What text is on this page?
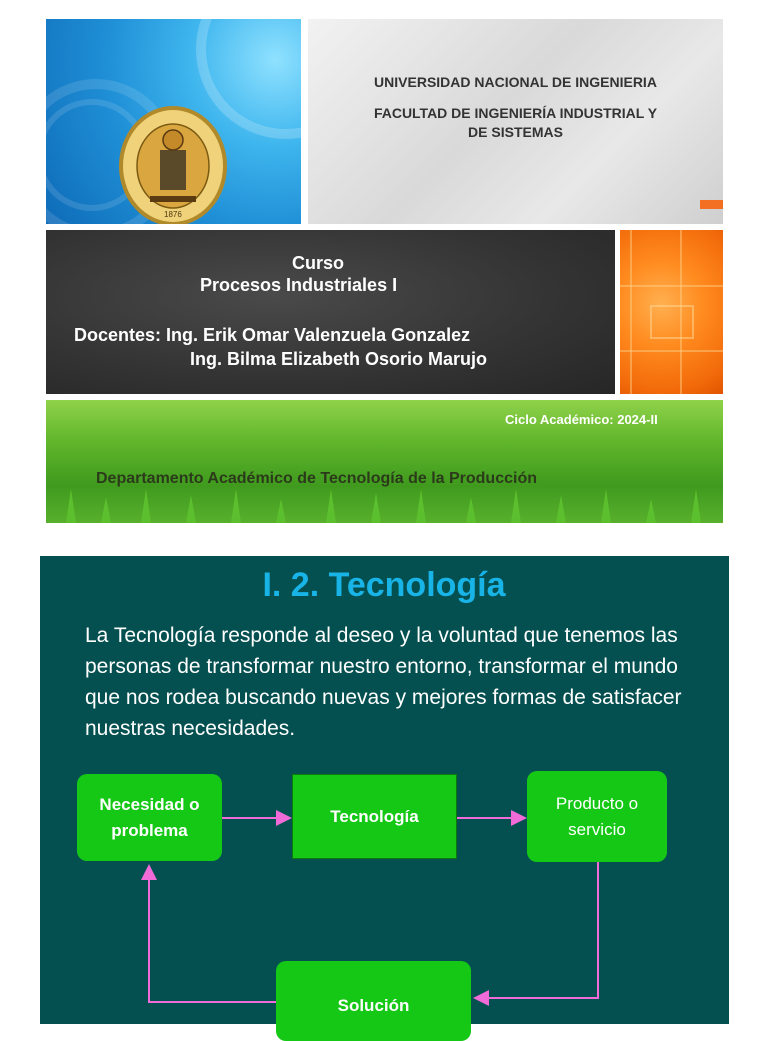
1876
UNIVERSIDAD NACIONAL DE INGENIERIA
FACULTAD DE INGENIERÍA INDUSTRIAL Y
DE SISTEMAS
Curso
Procesos Industriales I
Docentes: Ing. Erik Omar Valenzuela Gonzalez
Ing. Bilma Elizabeth Osorio Marujo
Ciclo Académico: 2024-II
Departamento Académico de Tecnología de la Producción
I. 2. Tecnología
La Tecnología responde al deseo y la voluntad que tenemos las personas de transformar nuestro entorno, transformar el mundo que nos rodea buscando nuevas y mejores formas de satisfacer nuestras necesidades.
Necesidad o
problema
Tecnología
Producto o
servicio
Solución
